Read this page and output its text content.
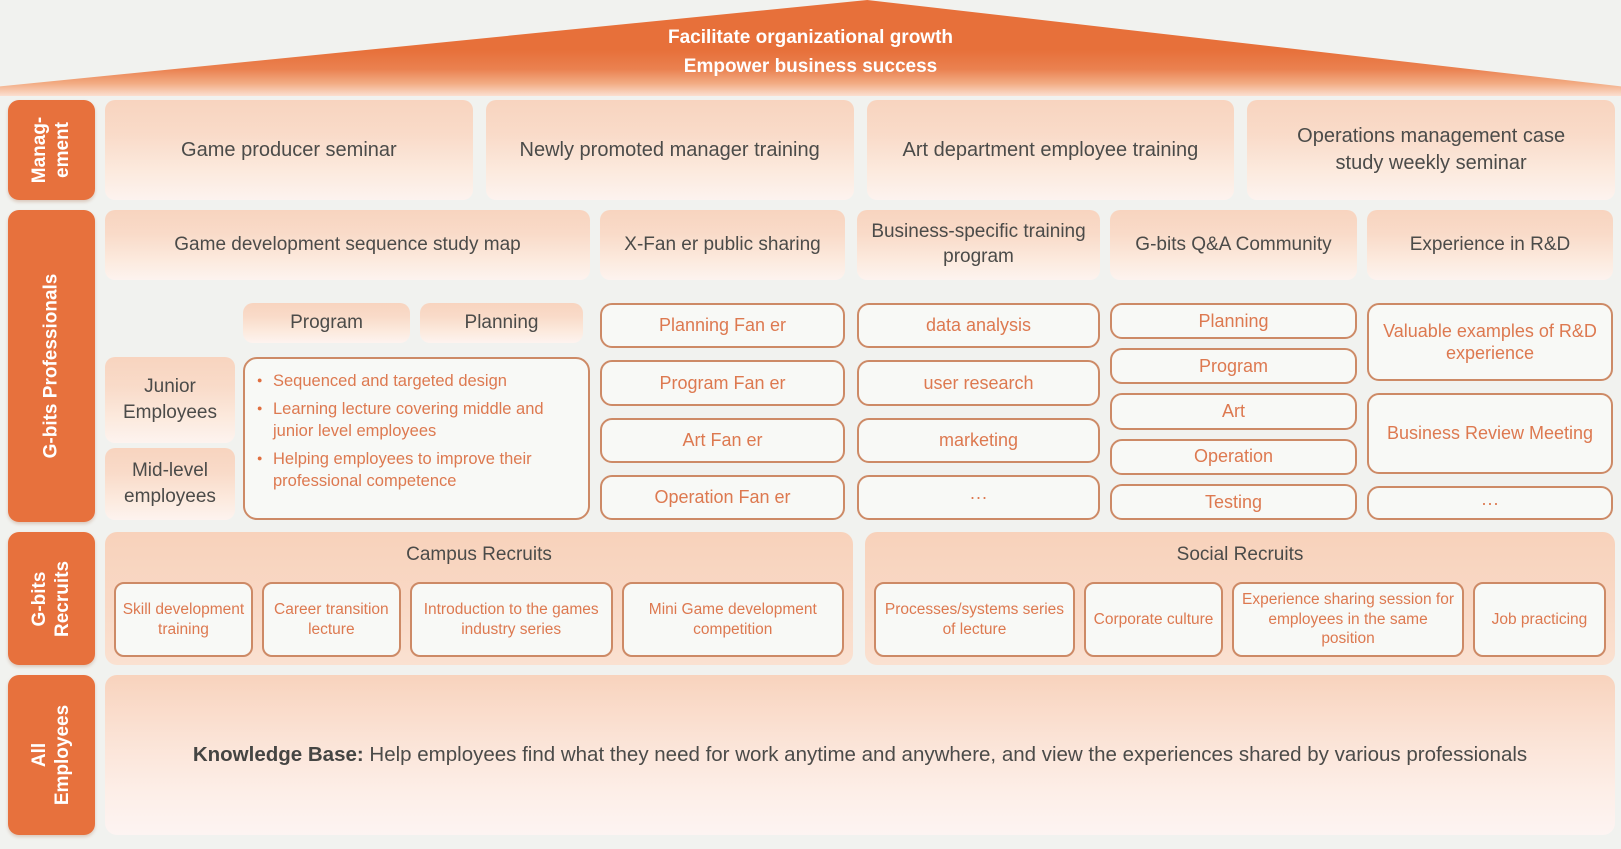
Facilitate organizational growth
Empower business success
Manag- ement
G-bits Professionals
G-bits Recruits
All Employees
Game producer seminar	Newly promoted manager training	Art department employee training
Operations management case study weekly seminar
Game development sequence study map
Program	Planning
Junior Employees
Mid-level employees
● Sequenced and targeted design
● Learning lecture covering middle and junior level employees
● Helping employees to improve their professional competence
X-Fan er public sharing
Planning Fan er
Program Fan er
Art Fan er
Operation Fan er
Business-specific training program
data analysis
user research
marketing
···
G-bits Q&A Community
Planning
Program
Art
Operation
Testing
Experience in R&D
Valuable examples of R&D experience
Business Review Meeting
···
Campus Recruits
Skill development training
Career transition lecture
Introduction to the games industry series
Mini Game development competition
Social Recruits
Processes/systems series of lecture
Corporate culture
Experience sharing session for employees in the same position
Job practicing
Knowledge Base: Help employees find what they need for work anytime and anywhere, and view the experiences shared by various professionals
